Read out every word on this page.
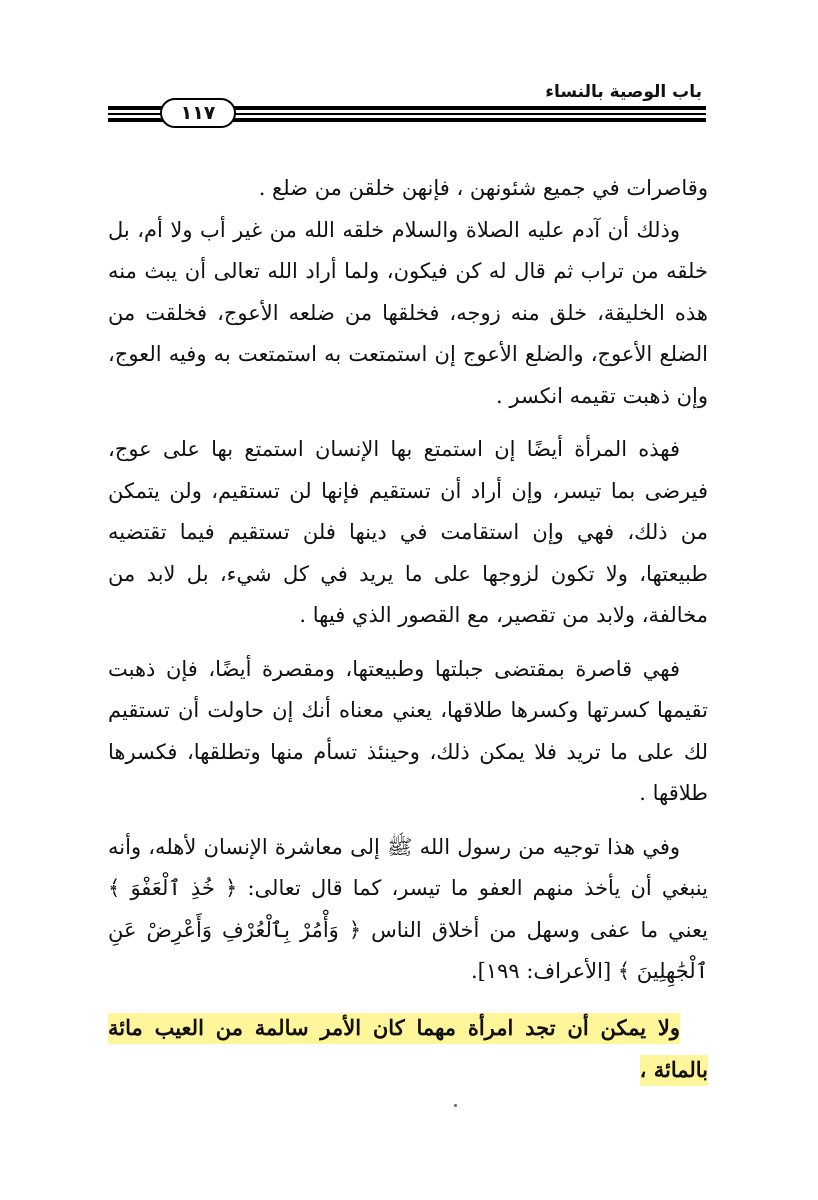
باب الوصية بالنساء
١١٧

وقاصرات في جميع شئونهن ، فإنهن خلقن من ضلع .

وذلك أن آدم عليه الصلاة والسلام خلقه الله من غير أب ولا أم، بل خلقه من تراب ثم قال له كن فيكون، ولما أراد الله تعالى أن يبث منه هذه الخليقة، خلق منه زوجه، فخلقها من ضلعه الأعوج، فخلقت من الضلع الأعوج، والضلع الأعوج إن استمتعت به استمتعت به وفيه العوج، وإن ذهبت تقيمه انكسر .

فهذه المرأة أيضًا إن استمتع بها الإنسان استمتع بها على عوج، فيرضى بما تيسر، وإن أراد أن تستقيم فإنها لن تستقيم، ولن يتمكن من ذلك، فهي وإن استقامت في دينها فلن تستقيم فيما تقتضيه طبيعتها، ولا تكون لزوجها على ما يريد في كل شيء، بل لابد من مخالفة، ولابد من تقصير، مع القصور الذي فيها .

فهي قاصرة بمقتضى جبلتها وطبيعتها، ومقصرة أيضًا، فإن ذهبت تقيمها كسرتها وكسرها طلاقها، يعني معناه أنك إن حاولت أن تستقيم لك على ما تريد فلا يمكن ذلك، وحينئذ تسأم منها وتطلقها، فكسرها طلاقها .

وفي هذا توجيه من رسول الله ﷺ إلى معاشرة الإنسان لأهله، وأنه ينبغي أن يأخذ منهم العفو ما تيسر، كما قال تعالى: ﴿ خُذِ ٱلْعَفْوَ ﴾ يعني ما عفى وسهل من أخلاق الناس ﴿ وَأْمُرْ بِٱلْعُرْفِ وَأَعْرِضْ عَنِ ٱلْجَٰهِلِينَ ﴾ [الأعراف: ١٩٩].

ولا يمكن أن تجد امرأة مهما كان الأمر سالمة من العيب مائة بالمائة ،
